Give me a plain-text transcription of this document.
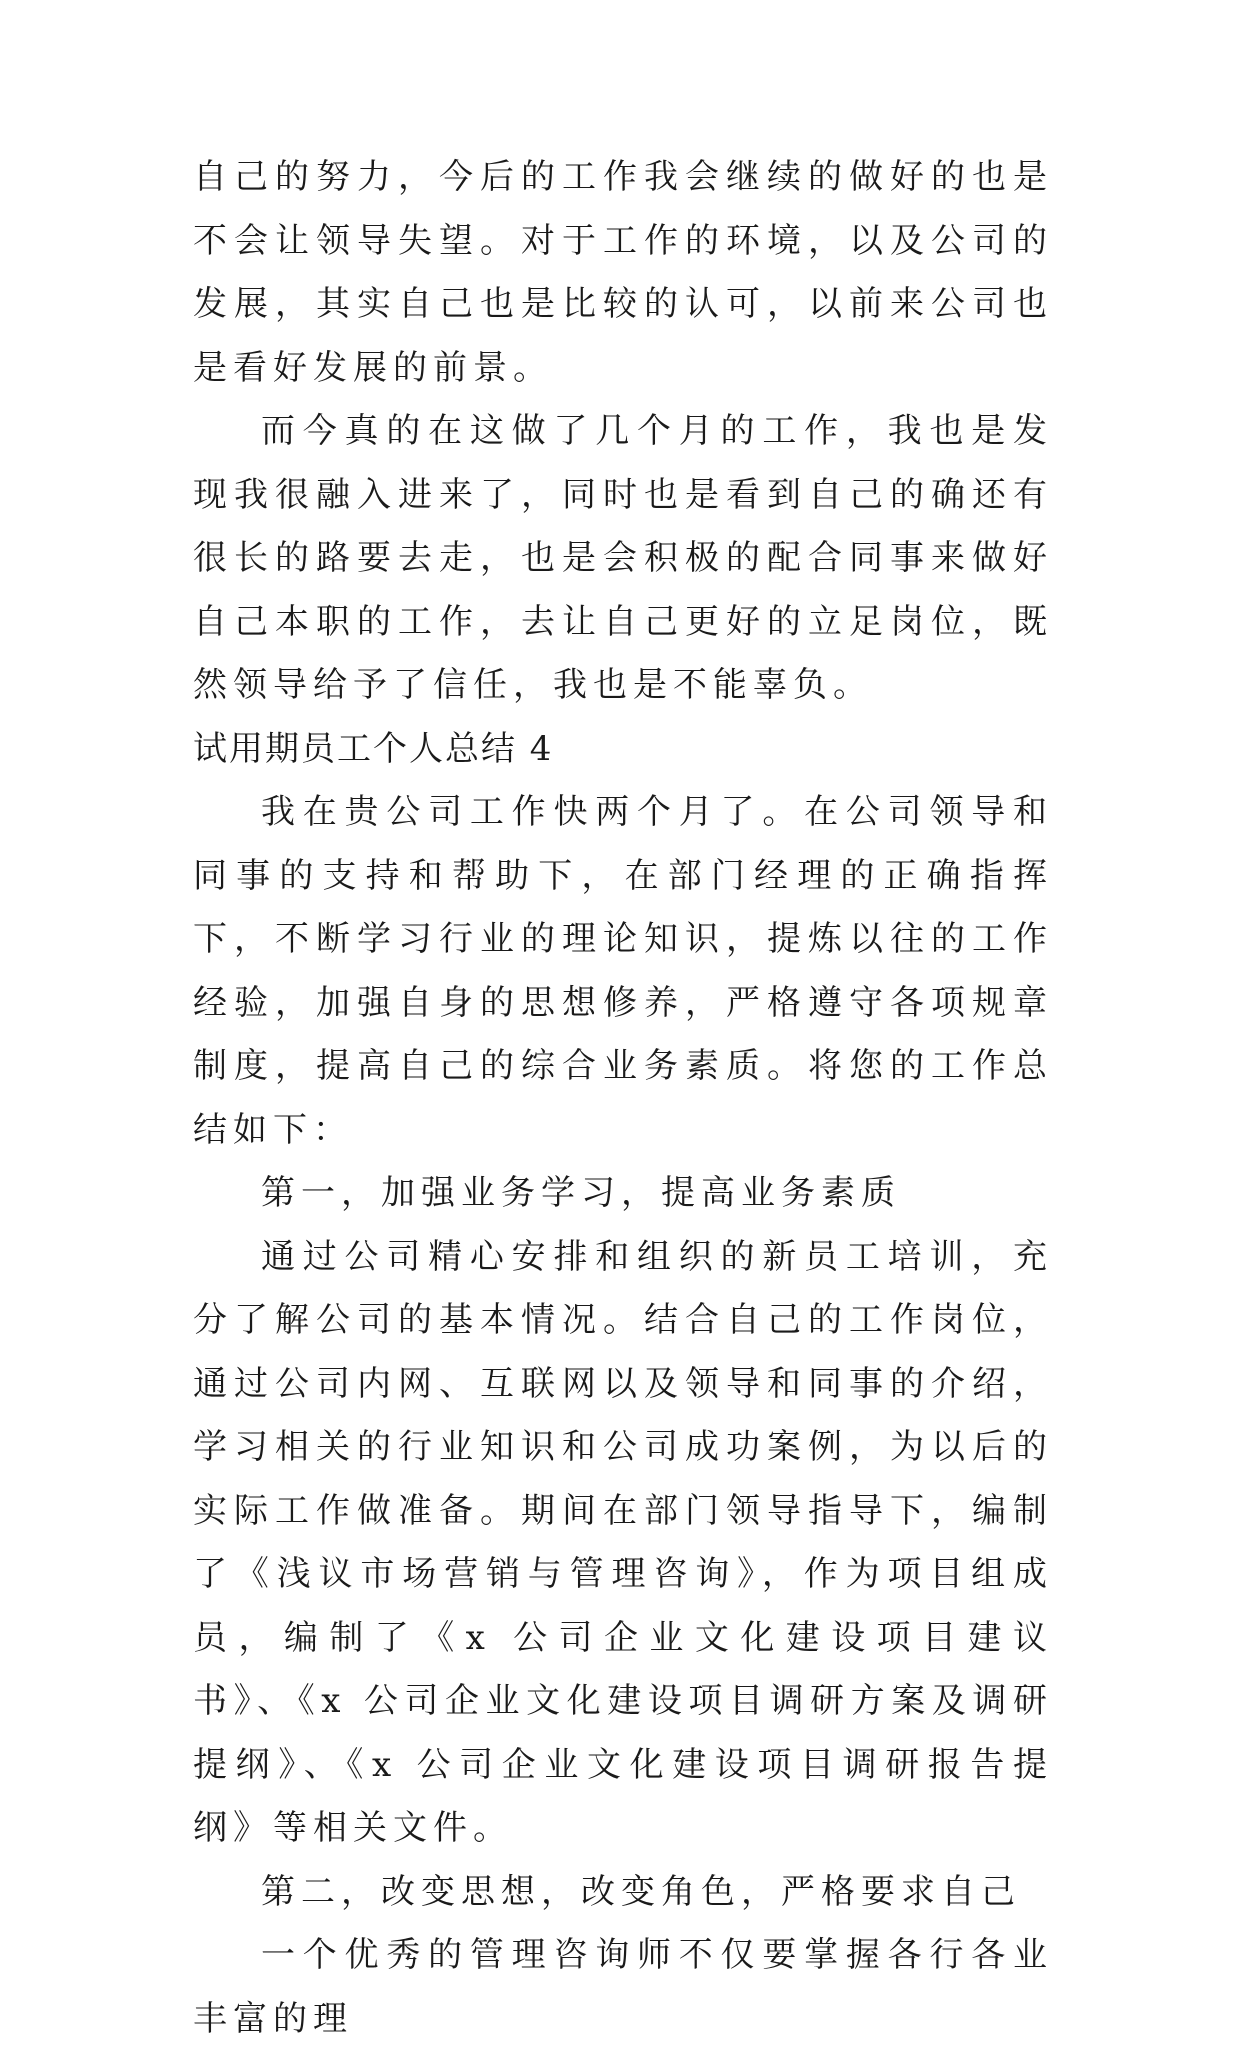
自己的努力，今后的工作我会继续的做好的也是不会让领导失望。对于工作的环境，以及公司的发展，其实自己也是比较的认可，以前来公司也是看好发展的前景。

而今真的在这做了几个月的工作，我也是发现我很融入进来了，同时也是看到自己的确还有很长的路要去走，也是会积极的配合同事来做好自己本职的工作，去让自己更好的立足岗位，既然领导给予了信任，我也是不能辜负。

试用期员工个人总结 4

我在贵公司工作快两个月了。在公司领导和同事的支持和帮助下，在部门经理的正确指挥下，不断学习行业的理论知识，提炼以往的工作经验，加强自身的思想修养，严格遵守各项规章制度，提高自己的综合业务素质。将您的工作总结如下：

第一，加强业务学习，提高业务素质

通过公司精心安排和组织的新员工培训，充分了解公司的基本情况。结合自己的工作岗位，通过公司内网、互联网以及领导和同事的介绍，学习相关的行业知识和公司成功案例，为以后的实际工作做准备。期间在部门领导指导下，编制了《浅议市场营销与管理咨询》，作为项目组成员，编制了《x 公司企业文化建设项目建议书》、《x 公司企业文化建设项目调研方案及调研提纲》、《x 公司企业文化建设项目调研报告提纲》等相关文件。

第二，改变思想，改变角色，严格要求自己

一个优秀的管理咨询师不仅要掌握各行各业丰富的理
